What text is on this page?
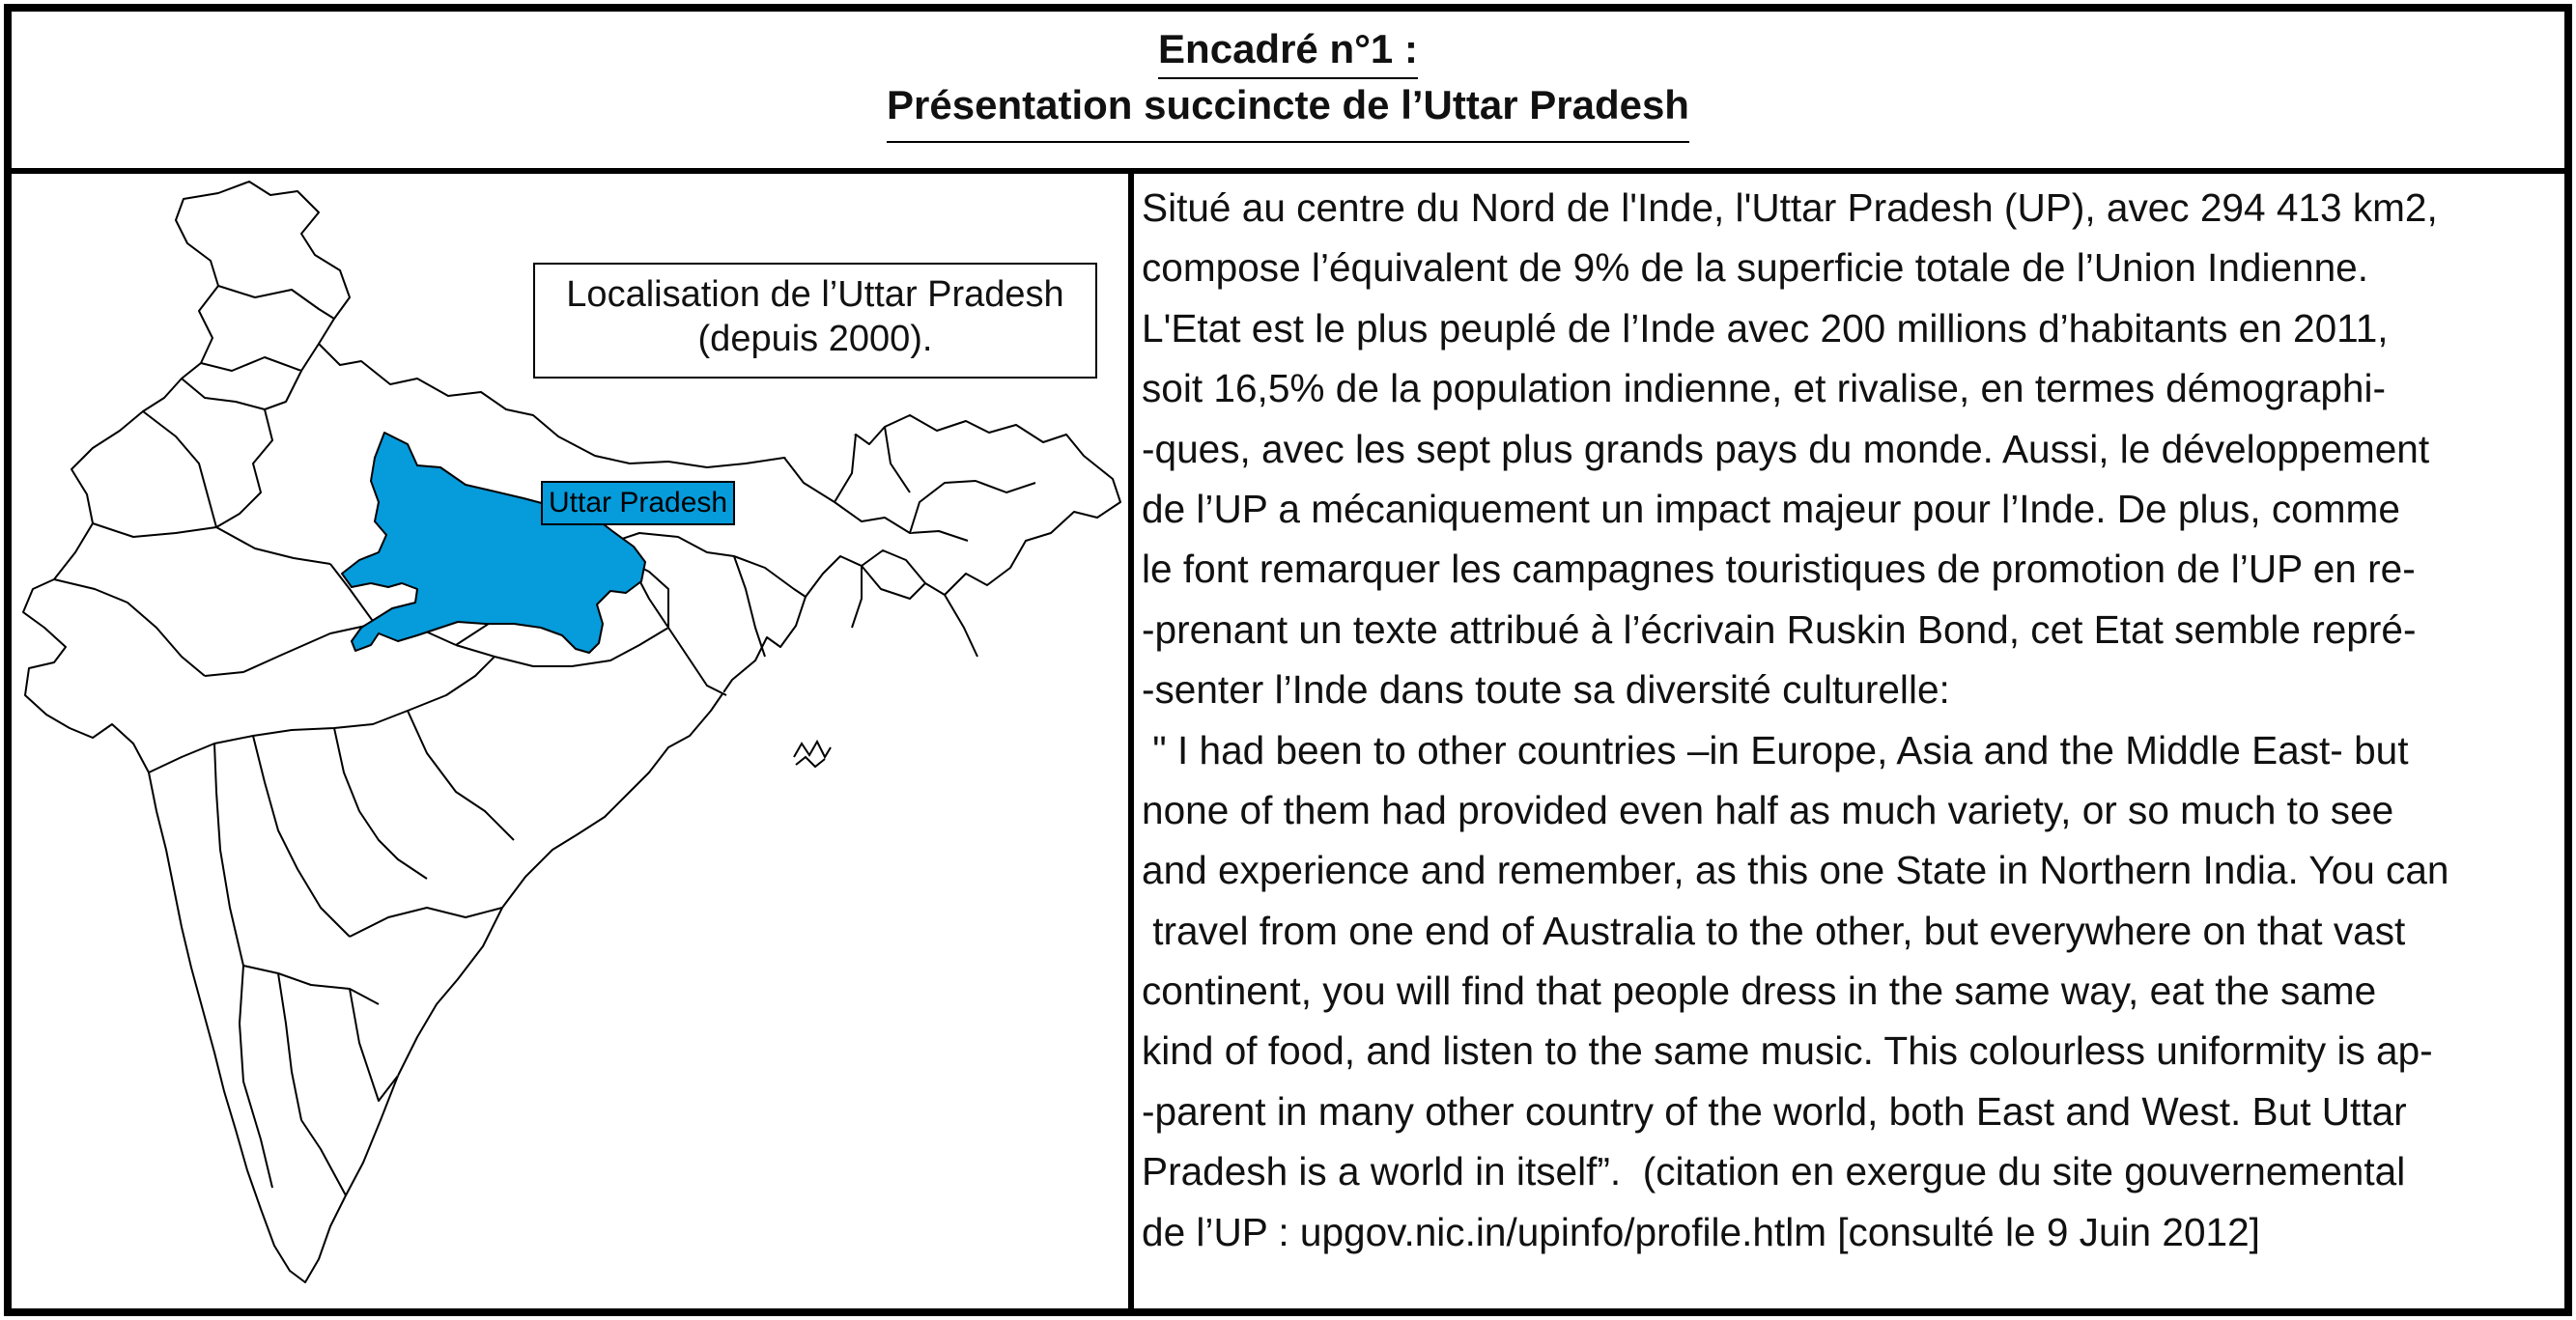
Encadré n°1 :
Présentation succincte de l’Uttar Pradesh
Localisation de l’Uttar Pradesh
(depuis 2000).
Uttar Pradesh
Situé au centre du Nord de l'Inde, l'Uttar Pradesh (UP), avec 294 413 km2,
compose l’équivalent de 9% de la superficie totale de l’Union Indienne.
L'Etat est le plus peuplé de l’Inde avec 200 millions d’habitants en 2011,
soit 16,5% de la population indienne, et rivalise, en termes démographi-
-ques, avec les sept plus grands pays du monde. Aussi, le développement
de l’UP a mécaniquement un impact majeur pour l’Inde. De plus, comme
le font remarquer les campagnes touristiques de promotion de l’UP en re-
-prenant un texte attribué à l’écrivain Ruskin Bond, cet Etat semble repré-
-senter l’Inde dans toute sa diversité culturelle:
" I had been to other countries –in Europe, Asia and the Middle East- but
none of them had provided even half as much variety, or so much to see
and experience and remember, as this one State in Northern India. You can
travel from one end of Australia to the other, but everywhere on that vast
continent, you will find that people dress in the same way, eat the same
kind of food, and listen to the same music. This colourless uniformity is ap-
-parent in many other country of the world, both East and West. But Uttar
Pradesh is a world in itself”.  (citation en exergue du site gouvernemental
de l’UP : upgov.nic.in/upinfo/profile.htlm [consulté le 9 Juin 2012]
